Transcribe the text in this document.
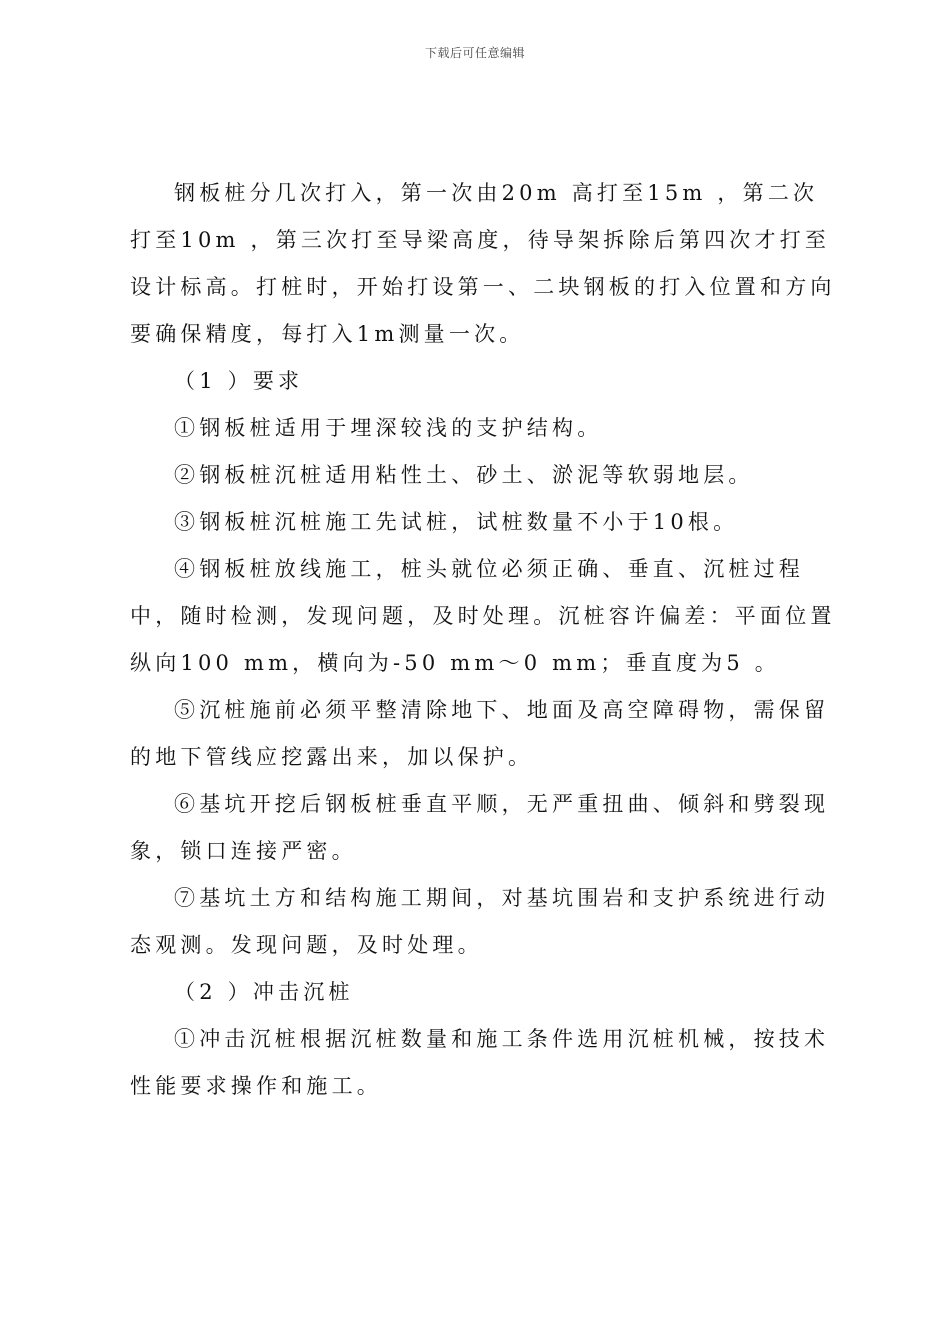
下载后可任意编辑

钢板桩分几次打入，第一次由20m 高打至15m ，第二次打至10m ，第三次打至导梁高度，待导架拆除后第四次才打至设计标高。打桩时，开始打设第一、二块钢板的打入位置和方向要确保精度，每打入1m测量一次。

（1 ）要求

①钢板桩适用于埋深较浅的支护结构。

②钢板桩沉桩适用粘性土、砂土、淤泥等软弱地层。

③钢板桩沉桩施工先试桩，试桩数量不小于10根。

④钢板桩放线施工，桩头就位必须正确、垂直、沉桩过程中，随时检测，发现问题，及时处理。沉桩容许偏差：平面位置纵向100 mm，横向为-50 mm～0 mm；垂直度为5 。

⑤沉桩施前必须平整清除地下、地面及高空障碍物，需保留的地下管线应挖露出来，加以保护。

⑥基坑开挖后钢板桩垂直平顺，无严重扭曲、倾斜和劈裂现象，锁口连接严密。

⑦基坑土方和结构施工期间，对基坑围岩和支护系统进行动态观测。发现问题，及时处理。

（2 ）冲击沉桩

①冲击沉桩根据沉桩数量和施工条件选用沉桩机械，按技术性能要求操作和施工。
